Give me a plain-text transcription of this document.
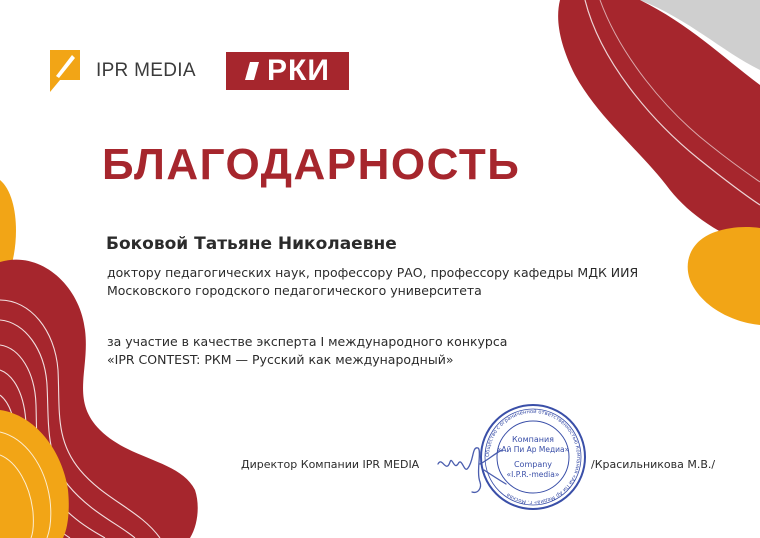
IPR MEDIA РКИ
БЛАГОДАРНОСТЬ
Боковой Татьяне Николаевне
доктору педагогических наук, профессору РАО, профессору кафедры МДК ИИЯ
Московского городского педагогического университета
за участие в качестве эксперта I международного конкурса
«IPR CONTEST: РКМ — Русский как международный»
Директор Компании IPR MEDIA
Общество с ограниченной ответственностью Компания «Ай Пи Ар Медиа» г. Москва
Компания
«Ай Пи Ар Медиа»
Company
«I.P.R.-media»
/Красильникова М.В./
